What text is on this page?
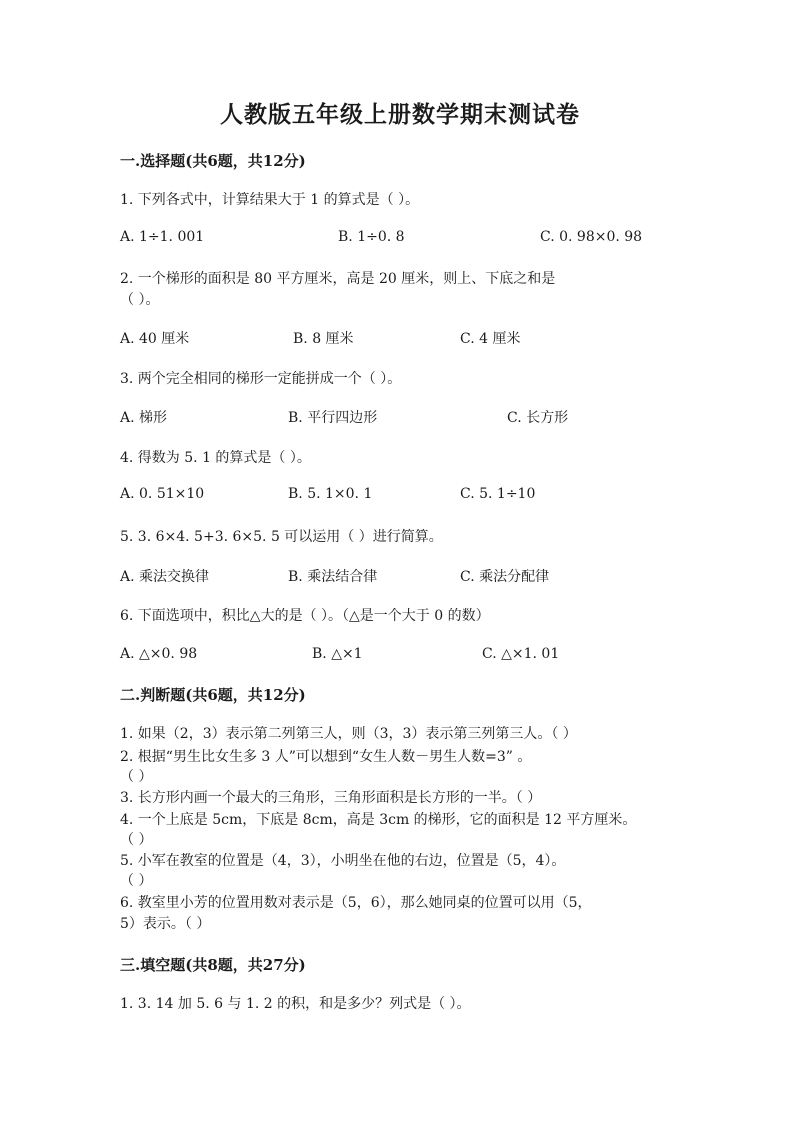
人教版五年级上册数学期末测试卷
一.选择题(共6题，共12分)
1. 下列各式中，计算结果大于 1 的算式是（ ）。
A. 1÷1. 001	B. 1÷0. 8	C. 0. 98×0. 98
2. 一个梯形的面积是 80 平方厘米，高是 20 厘米，则上、下底之和是
（ ）。
A. 40 厘米	B. 8 厘米	C. 4 厘米
3. 两个完全相同的梯形一定能拼成一个（ ）。
A. 梯形	B. 平行四边形	C. 长方形
4. 得数为 5. 1 的算式是（ ）。
A. 0. 51×10	B. 5. 1×0. 1	C. 5. 1÷10
5. 3. 6×4. 5+3. 6×5. 5 可以运用（ ）进行简算。
A. 乘法交换律	B. 乘法结合律	C. 乘法分配律
6. 下面选项中，积比△大的是（ ）。（△是一个大于 0 的数）
A. △×0. 98	B. △×1	C. △×1. 01
二.判断题(共6题，共12分)
1. 如果（2，3）表示第二列第三人，则（3，3）表示第三列第三人。（ ）
2. 根据“男生比女生多 3 人”可以想到“女生人数－男生人数=3” 。
（ ）
3. 长方形内画一个最大的三角形，三角形面积是长方形的一半。（ ）
4. 一个上底是 5cm，下底是 8cm，高是 3cm 的梯形，它的面积是 12 平方厘米。
（ ）
5. 小军在教室的位置是（4，3），小明坐在他的右边，位置是（5，4）。
（ ）
6. 教室里小芳的位置用数对表示是（5，6），那么她同桌的位置可以用（5，
5）表示。（ ）
三.填空题(共8题，共27分)
1. 3. 14 加 5. 6 与 1. 2 的积，和是多少？列式是（ ）。
